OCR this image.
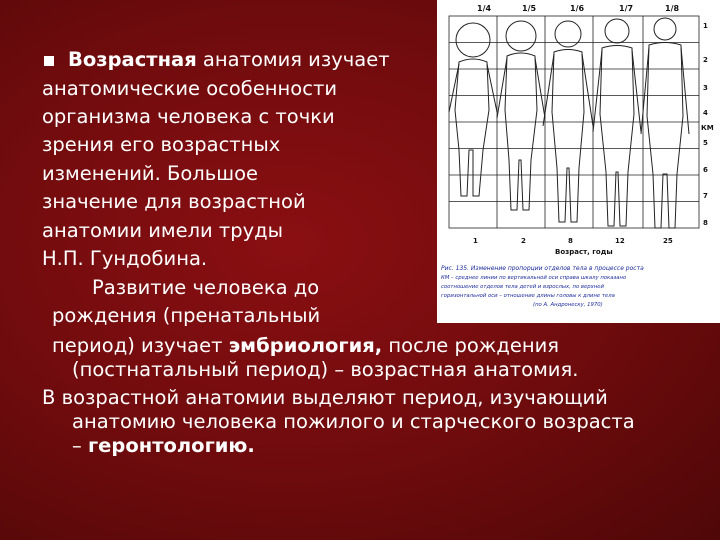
1/4	1/5	1/6	1/7	1/8
1
2
3
4
КМ
5
6
7
8
1	2	8	12	25
Возраст, годы
Рис. 135. Изменение пропорции отделов тела в процессе роста
КМ – среднее линии по вертикальной оси справа шкалу показано
соотношение отделов тела детей и взрослых, по верхней
горизонтальной оси – отношение длины головы к длине тела
(по А. Андронеску, 1970)
Возрастная анатомия изучает
анатомические особенности
организма человека с точки
зрения его возрастных
изменений. Большое
значение для возрастной
анатомии имели труды
Н.П. Гундобина.
Развитие человека до
рождения (пренатальный
период) изучает эмбриология, после рождения
(постнатальный период) – возрастная анатомия.
В возрастной анатомии выделяют период, изучающий
анатомию человека пожилого и старческого возраста
– геронтологию.
